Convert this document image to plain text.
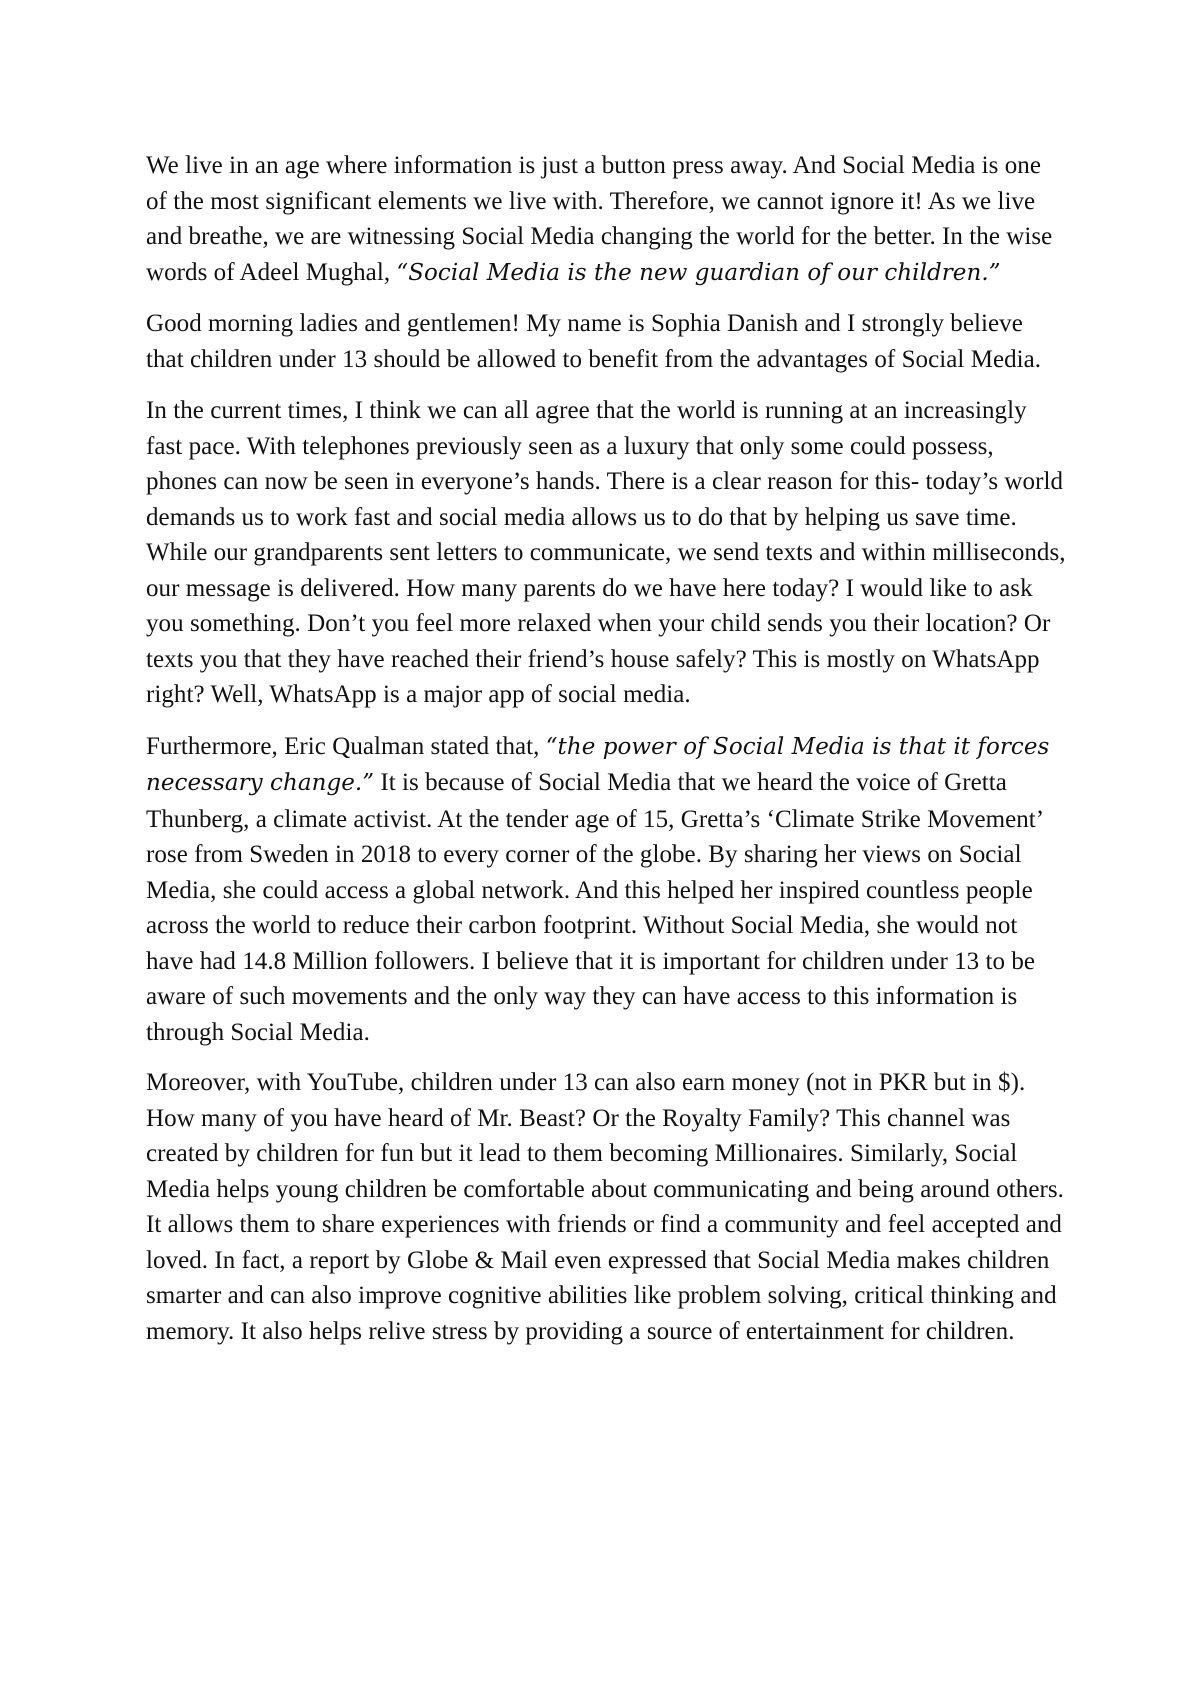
We live in an age where information is just a button press away. And Social Media is one of the most significant elements we live with. Therefore, we cannot ignore it! As we live and breathe, we are witnessing Social Media changing the world for the better. In the wise words of Adeel Mughal, “Social Media is the new guardian of our children.”

Good morning ladies and gentlemen! My name is Sophia Danish and I strongly believe that children under 13 should be allowed to benefit from the advantages of Social Media.

In the current times, I think we can all agree that the world is running at an increasingly fast pace. With telephones previously seen as a luxury that only some could possess, phones can now be seen in everyone’s hands. There is a clear reason for this- today’s world demands us to work fast and social media allows us to do that by helping us save time. While our grandparents sent letters to communicate, we send texts and within milliseconds, our message is delivered. How many parents do we have here today? I would like to ask you something. Don’t you feel more relaxed when your child sends you their location? Or texts you that they have reached their friend’s house safely? This is mostly on WhatsApp right? Well, WhatsApp is a major app of social media.

Furthermore, Eric Qualman stated that, “the power of Social Media is that it forces necessary change.” It is because of Social Media that we heard the voice of Gretta Thunberg, a climate activist. At the tender age of 15, Gretta’s ‘Climate Strike Movement’ rose from Sweden in 2018 to every corner of the globe. By sharing her views on Social Media, she could access a global network. And this helped her inspired countless people across the world to reduce their carbon footprint. Without Social Media, she would not have had 14.8 Million followers. I believe that it is important for children under 13 to be aware of such movements and the only way they can have access to this information is through Social Media.

Moreover, with YouTube, children under 13 can also earn money (not in PKR but in $). How many of you have heard of Mr. Beast? Or the Royalty Family? This channel was created by children for fun but it lead to them becoming Millionaires. Similarly, Social Media helps young children be comfortable about communicating and being around others. It allows them to share experiences with friends or find a community and feel accepted and loved. In fact, a report by Globe & Mail even expressed that Social Media makes children smarter and can also improve cognitive abilities like problem solving, critical thinking and memory. It also helps relive stress by providing a source of entertainment for children.
